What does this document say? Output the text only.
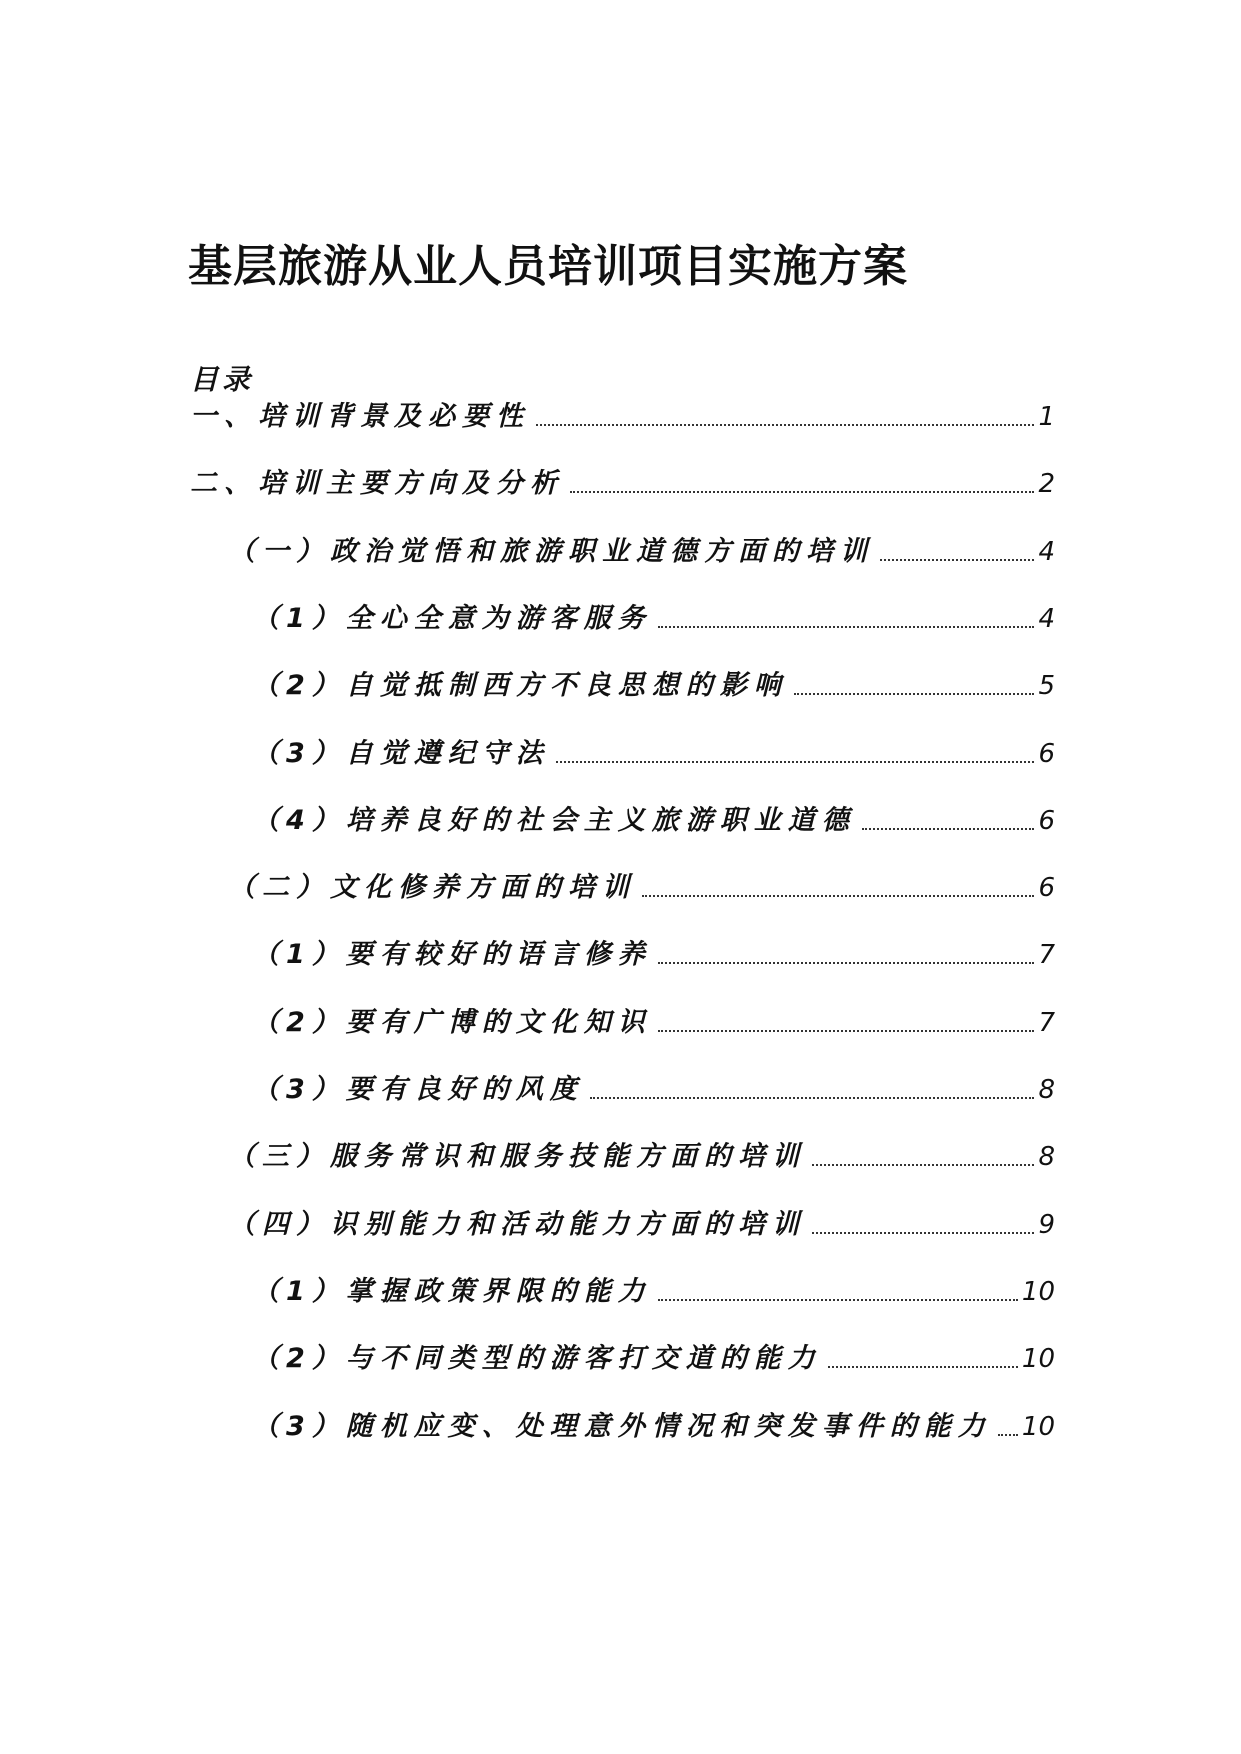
基层旅游从业人员培训项目实施方案
目录
一、培训背景及必要性	1
二、培训主要方向及分析	2
（一）政治觉悟和旅游职业道德方面的培训	4
（1）全心全意为游客服务	4
（2）自觉抵制西方不良思想的影响	5
（3）自觉遵纪守法	6
（4）培养良好的社会主义旅游职业道德	6
（二）文化修养方面的培训	6
（1）要有较好的语言修养	7
（2）要有广博的文化知识	7
（3）要有良好的风度	8
（三）服务常识和服务技能方面的培训	8
（四）识别能力和活动能力方面的培训	9
（1）掌握政策界限的能力	10
（2）与不同类型的游客打交道的能力	10
（3）随机应变、处理意外情况和突发事件的能力 10
